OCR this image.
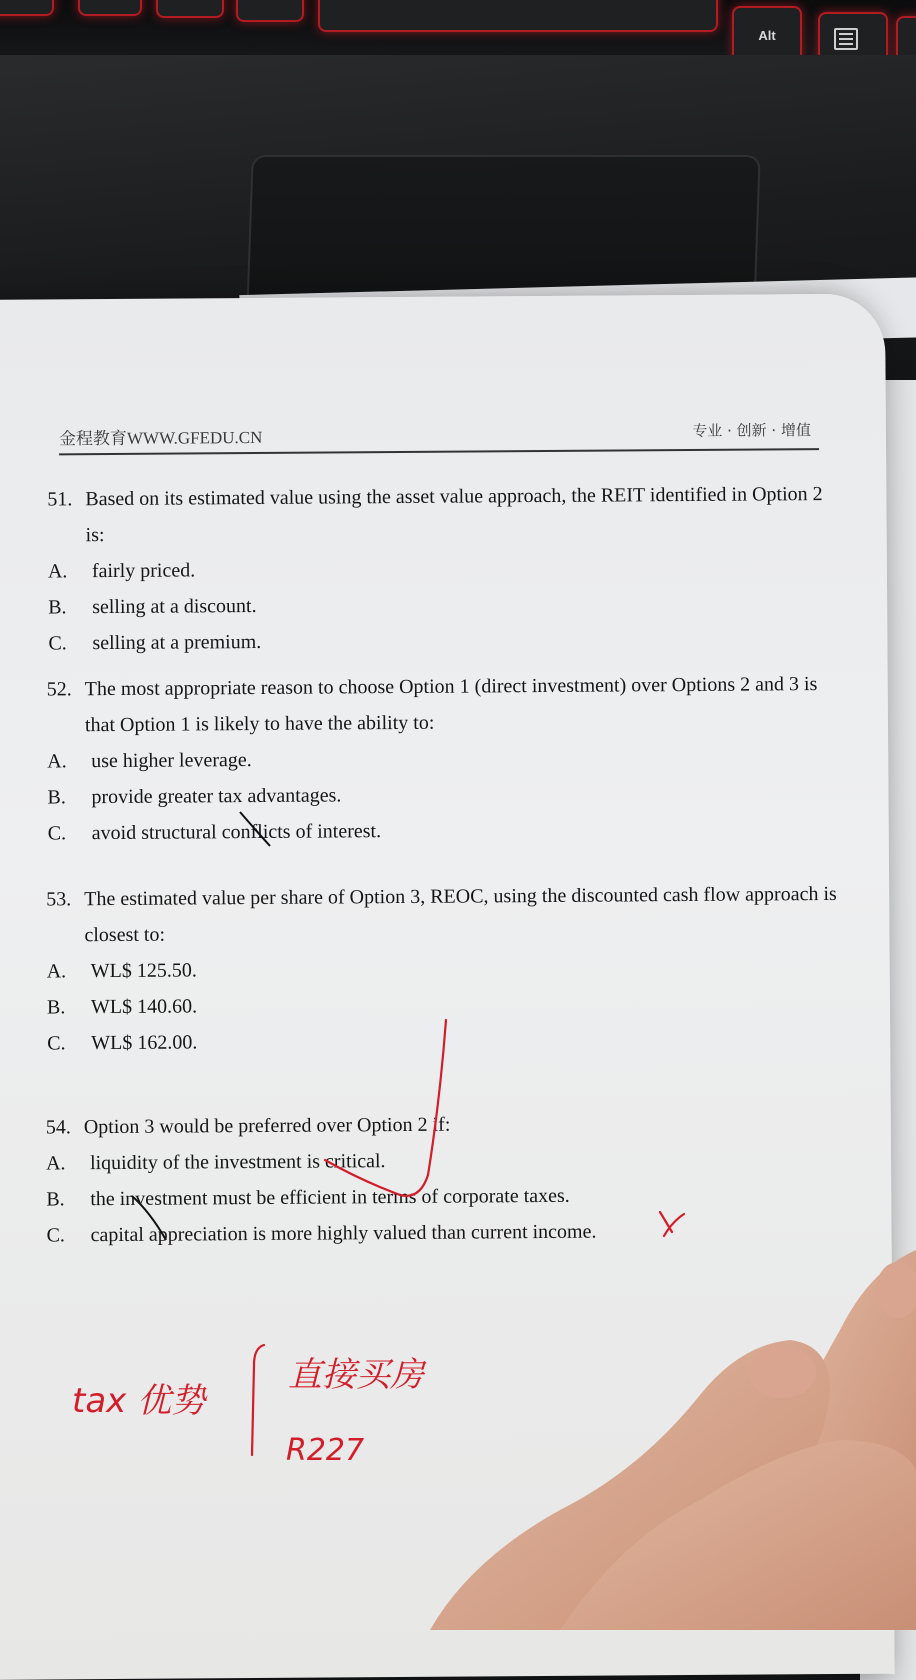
Alt
金程教育WWW.GFEDU.CN	专业 · 创新 · 增值
51. Based on its estimated value using the asset value approach, the REIT identified in Option 2
is:
A. fairly priced.
B. selling at a discount.
C. selling at a premium.
52. The most appropriate reason to choose Option 1 (direct investment) over Options 2 and 3 is
that Option 1 is likely to have the ability to:
A. use higher leverage.
B. provide greater tax advantages.
C. avoid structural conflicts of interest.
53. The estimated value per share of Option 3, REOC, using the discounted cash flow approach is
closest to:
A. WL$ 125.50.
B. WL$ 140.60.
C. WL$ 162.00.
54. Option 3 would be preferred over Option 2 if:
A. liquidity of the investment is critical.
B. the investment must be efficient in terms of corporate taxes.
C. capital appreciation is more highly valued than current income.
tax 优势
直接买房
R227
